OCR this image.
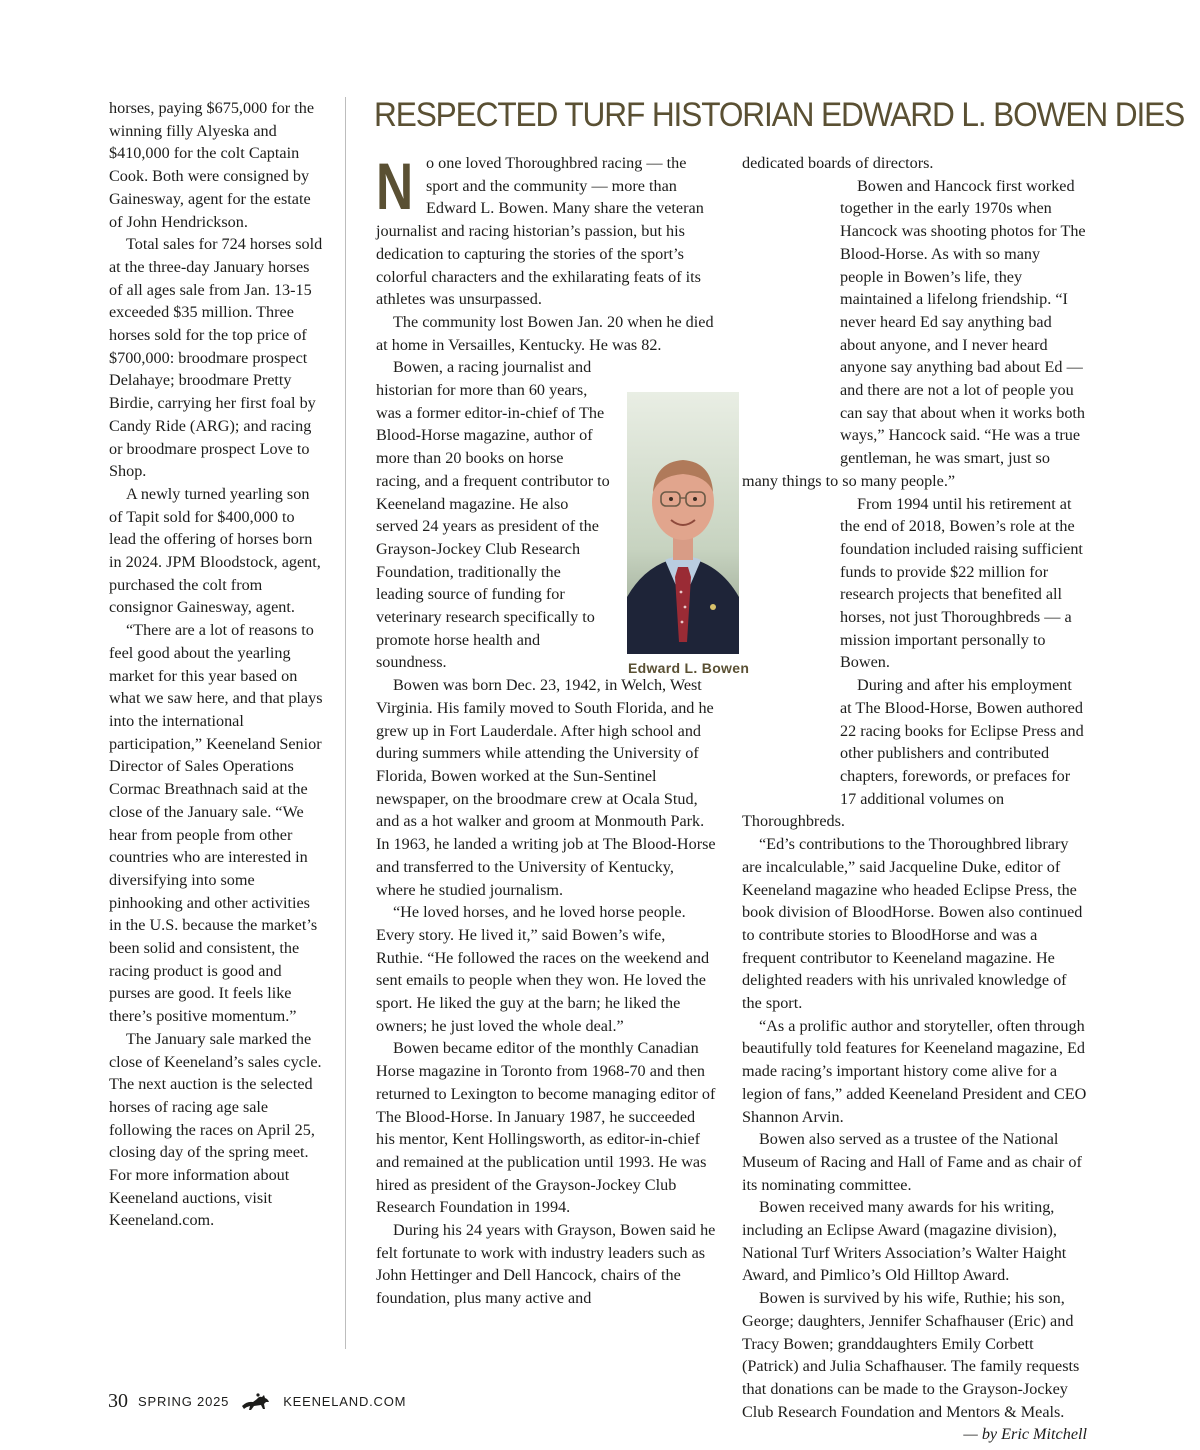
horses, paying $675,000 for the winning filly Alyeska and $410,000 for the colt Captain Cook. Both were consigned by Gainesway, agent for the estate of John Hendrickson.

Total sales for 724 horses sold at the three-day January horses of all ages sale from Jan. 13-15 exceeded $35 million. Three horses sold for the top price of $700,000: broodmare prospect Delahaye; broodmare Pretty Birdie, carrying her first foal by Candy Ride (ARG); and racing or broodmare prospect Love to Shop.

A newly turned yearling son of Tapit sold for $400,000 to lead the offering of horses born in 2024. JPM Bloodstock, agent, purchased the colt from consignor Gainesway, agent.

“There are a lot of reasons to feel good about the yearling market for this year based on what we saw here, and that plays into the international participation,” Keeneland Senior Director of Sales Operations Cormac Breathnach said at the close of the January sale. “We hear from people from other countries who are interested in diversifying into some pinhooking and other activities in the U.S. because the market’s been solid and consistent, the racing product is good and purses are good. It feels like there’s positive momentum.”

The January sale marked the close of Keeneland’s sales cycle. The next auction is the selected horses of racing age sale following the races on April 25, closing day of the spring meet. For more information about Keeneland auctions, visit Keeneland.com.

RESPECTED TURF HISTORIAN EDWARD L. BOWEN DIES
N o one loved Thoroughbred racing — the sport and the community — more than Edward L. Bowen. Many share the veteran journalist and racing historian’s passion, but his dedication to capturing the stories of the sport’s colorful characters and the exhilarating feats of its athletes was unsurpassed.

The community lost Bowen Jan. 20 when he died at home in Versailles, Kentucky. He was 82.

Bowen, a racing journalist and historian for more than 60 years, was a former editor-in-chief of The Blood-Horse magazine, author of more than 20 books on horse racing, and a frequent contributor to Keeneland magazine. He also served 24 years as president of the Grayson-Jockey Club Research Foundation, traditionally the leading source of funding for veterinary research specifically to promote horse health and soundness.

Bowen was born Dec. 23, 1942, in Welch, West Virginia. His family moved to South Florida, and he grew up in Fort Lauderdale. After high school and during summers while attending the University of Florida, Bowen worked at the Sun-Sentinel newspaper, on the broodmare crew at Ocala Stud, and as a hot walker and groom at Monmouth Park. In 1963, he landed a writing job at The Blood-Horse and transferred to the University of Kentucky, where he studied journalism.

“He loved horses, and he loved horse people. Every story. He lived it,” said Bowen’s wife, Ruthie. “He followed the races on the weekend and sent emails to people when they won. He loved the sport. He liked the guy at the barn; he liked the owners; he just loved the whole deal.”

Bowen became editor of the monthly Canadian Horse magazine in Toronto from 1968-70 and then returned to Lexington to become managing editor of The Blood-Horse. In January 1987, he succeeded his mentor, Kent Hollingsworth, as editor-in-chief and remained at the publication until 1993. He was hired as president of the Grayson-Jockey Club Research Foundation in 1994.

During his 24 years with Grayson, Bowen said he felt fortunate to work with industry leaders such as John Hettinger and Dell Hancock, chairs of the foundation, plus many active and

dedicated boards of directors.

Bowen and Hancock first worked together in the early 1970s when Hancock was shooting photos for The Blood-Horse. As with so many people in Bowen’s life, they maintained a lifelong friendship. “I never heard Ed say anything bad about anyone, and I never heard anyone say anything bad about Ed — and there are not a lot of people you can say that about when it works both ways,” Hancock said. “He was a true gentleman, he was smart, just so many things to so many people.”

From 1994 until his retirement at the end of 2018, Bowen’s role at the foundation included raising sufficient funds to provide $22 million for research projects that benefited all horses, not just Thoroughbreds — a mission important personally to Bowen.

During and after his employment at The Blood-Horse, Bowen authored 22 racing books for Eclipse Press and other publishers and contributed chapters, forewords, or prefaces for 17 additional volumes on Thoroughbreds.

“Ed’s contributions to the Thoroughbred library are incalculable,” said Jacqueline Duke, editor of Keeneland magazine who headed Eclipse Press, the book division of BloodHorse. Bowen also continued to contribute stories to BloodHorse and was a frequent contributor to Keeneland magazine. He delighted readers with his unrivaled knowledge of the sport.

“As a prolific author and storyteller, often through beautifully told features for Keeneland magazine, Ed made racing’s important history come alive for a legion of fans,” added Keeneland President and CEO Shannon Arvin.

Bowen also served as a trustee of the National Museum of Racing and Hall of Fame and as chair of its nominating committee.

Bowen received many awards for his writing, including an Eclipse Award (magazine division), National Turf Writers Association’s Walter Haight Award, and Pimlico’s Old Hilltop Award.

Bowen is survived by his wife, Ruthie; his son, George; daughters, Jennifer Schafhauser (Eric) and Tracy Bowen; granddaughters Emily Corbett (Patrick) and Julia Schafhauser. The family requests that donations can be made to the Grayson-Jockey Club Research Foundation and Mentors & Meals.
— by Eric Mitchell

Edward L. Bowen
30 SPRING 2025	KEENELAND.COM
